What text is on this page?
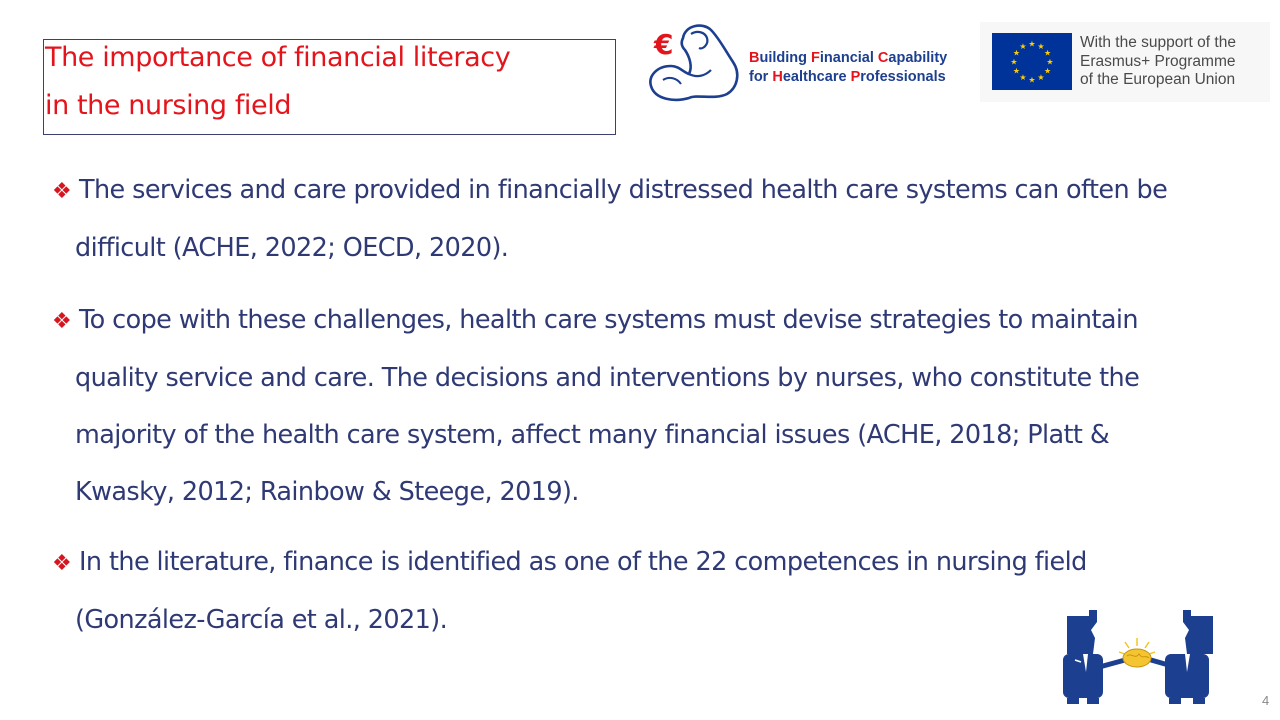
The importance of financial literacy
in the nursing field
€	Building Financial Capability
for Healthcare Professionals
★ ★
★
★
★
★
★
★
★
★
★
★	With the support of the
Erasmus+ Programme
of the European Union
❖ The services and care provided in financially distressed health care systems can often be
difficult (ACHE, 2022; OECD, 2020).
❖ To cope with these challenges, health care systems must devise strategies to maintain
quality service and care. The decisions and interventions by nurses, who constitute the
majority of the health care system, affect many financial issues (ACHE, 2018; Platt &
Kwasky, 2012; Rainbow & Steege, 2019).
❖ In the literature, finance is identified as one of the 22 competences in nursing field
(González-García et al., 2021).
4
